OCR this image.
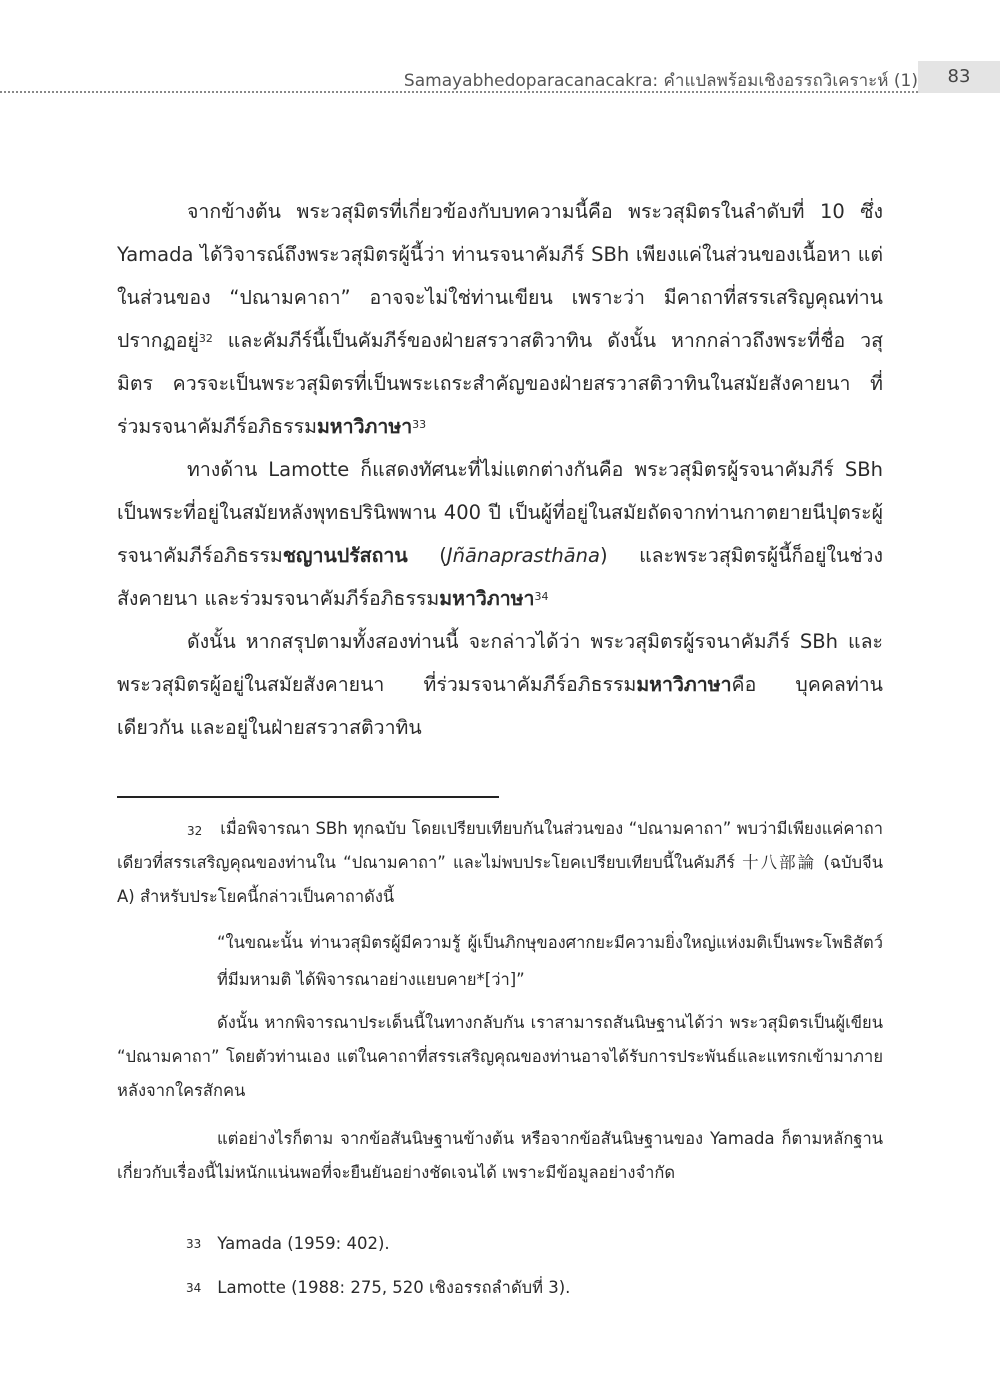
Samayabhedoparacanacakra: คำแปลพร้อมเชิงอรรถวิเคราะห์ (1)	83

จากข้างต้น พระวสุมิตรที่เกี่ยวข้องกับบทความนี้คือ พระวสุมิตรในลำดับที่ 10 ซึ่ง Yamada ได้วิจารณ์ถึงพระวสุมิตรผู้นี้ว่า ท่านรจนาคัมภีร์ SBh เพียงแค่ในส่วนของเนื้อหา แต่ในส่วนของ “ปณามคาถา” อาจจะไม่ใช่ท่านเขียน เพราะว่า มีคาถาที่สรรเสริญคุณท่านปรากฏอยู่$^{32}$ และคัมภีร์นี้เป็นคัมภีร์ของฝ่ายสรวาสติวาทิน ดังนั้น หากกล่าวถึงพระที่ชื่อ วสุมิตร ควรจะเป็นพระวสุมิตรที่เป็นพระเถระสำคัญของฝ่ายสรวาสติวาทินในสมัยสังคายนา ที่ร่วมรจนาคัมภีร์อภิธรรมมหาวิภาษา$^{33}$

ทางด้าน Lamotte ก็แสดงทัศนะที่ไม่แตกต่างกันคือ พระวสุมิตรผู้รจนาคัมภีร์ SBh เป็นพระที่อยู่ในสมัยหลังพุทธปรินิพพาน 400 ปี เป็นผู้ที่อยู่ในสมัยถัดจากท่านกาตยายนีปุตระผู้รจนาคัมภีร์อภิธรรมชญานปรัสถาน (Jñānaprasthāna) และพระวสุมิตรผู้นี้ก็อยู่ในช่วงสังคายนา และร่วมรจนาคัมภีร์อภิธรรมมหาวิภาษา$^{34}$

ดังนั้น หากสรุปตามทั้งสองท่านนี้ จะกล่าวได้ว่า พระวสุมิตรผู้รจนาคัมภีร์ SBh และพระวสุมิตรผู้อยู่ในสมัยสังคายนา ที่ร่วมรจนาคัมภีร์อภิธรรมมหาวิภาษาคือ บุคคลท่านเดียวกัน และอยู่ในฝ่ายสรวาสติวาทิน

$^{32}$ เมื่อพิจารณา SBh ทุกฉบับ โดยเปรียบเทียบกันในส่วนของ “ปณามคาถา” พบว่ามีเพียงแค่คาถาเดียวที่สรรเสริญคุณของท่านใน “ปณามคาถา” และไม่พบประโยคเปรียบเทียบนี้ในคัมภีร์ 十八部論 (ฉบับจีน A) สำหรับประโยคนี้กล่าวเป็นคาถาดังนี้

“ในขณะนั้น ท่านวสุมิตรผู้มีความรู้ ผู้เป็นภิกษุของศากยะมีความยิ่งใหญ่แห่งมติเป็นพระโพธิสัตว์ที่มีมหามติ ได้พิจารณาอย่างแยบคาย*[ว่า]”

ดังนั้น หากพิจารณาประเด็นนี้ในทางกลับกัน เราสามารถสันนิษฐานได้ว่า พระวสุมิตรเป็นผู้เขียน “ปณามคาถา” โดยตัวท่านเอง แต่ในคาถาที่สรรเสริญคุณของท่านอาจได้รับการประพันธ์และแทรกเข้ามาภายหลังจากใครสักคน

แต่อย่างไรก็ตาม จากข้อสันนิษฐานข้างต้น หรือจากข้อสันนิษฐานของ Yamada ก็ตามหลักฐานเกี่ยวกับเรื่องนี้ไม่หนักแน่นพอที่จะยืนยันอย่างชัดเจนได้ เพราะมีข้อมูลอย่างจำกัด

$^{33}$ Yamada (1959: 402).
$^{34}$ Lamotte (1988: 275, 520 เชิงอรรถลำดับที่ 3).
